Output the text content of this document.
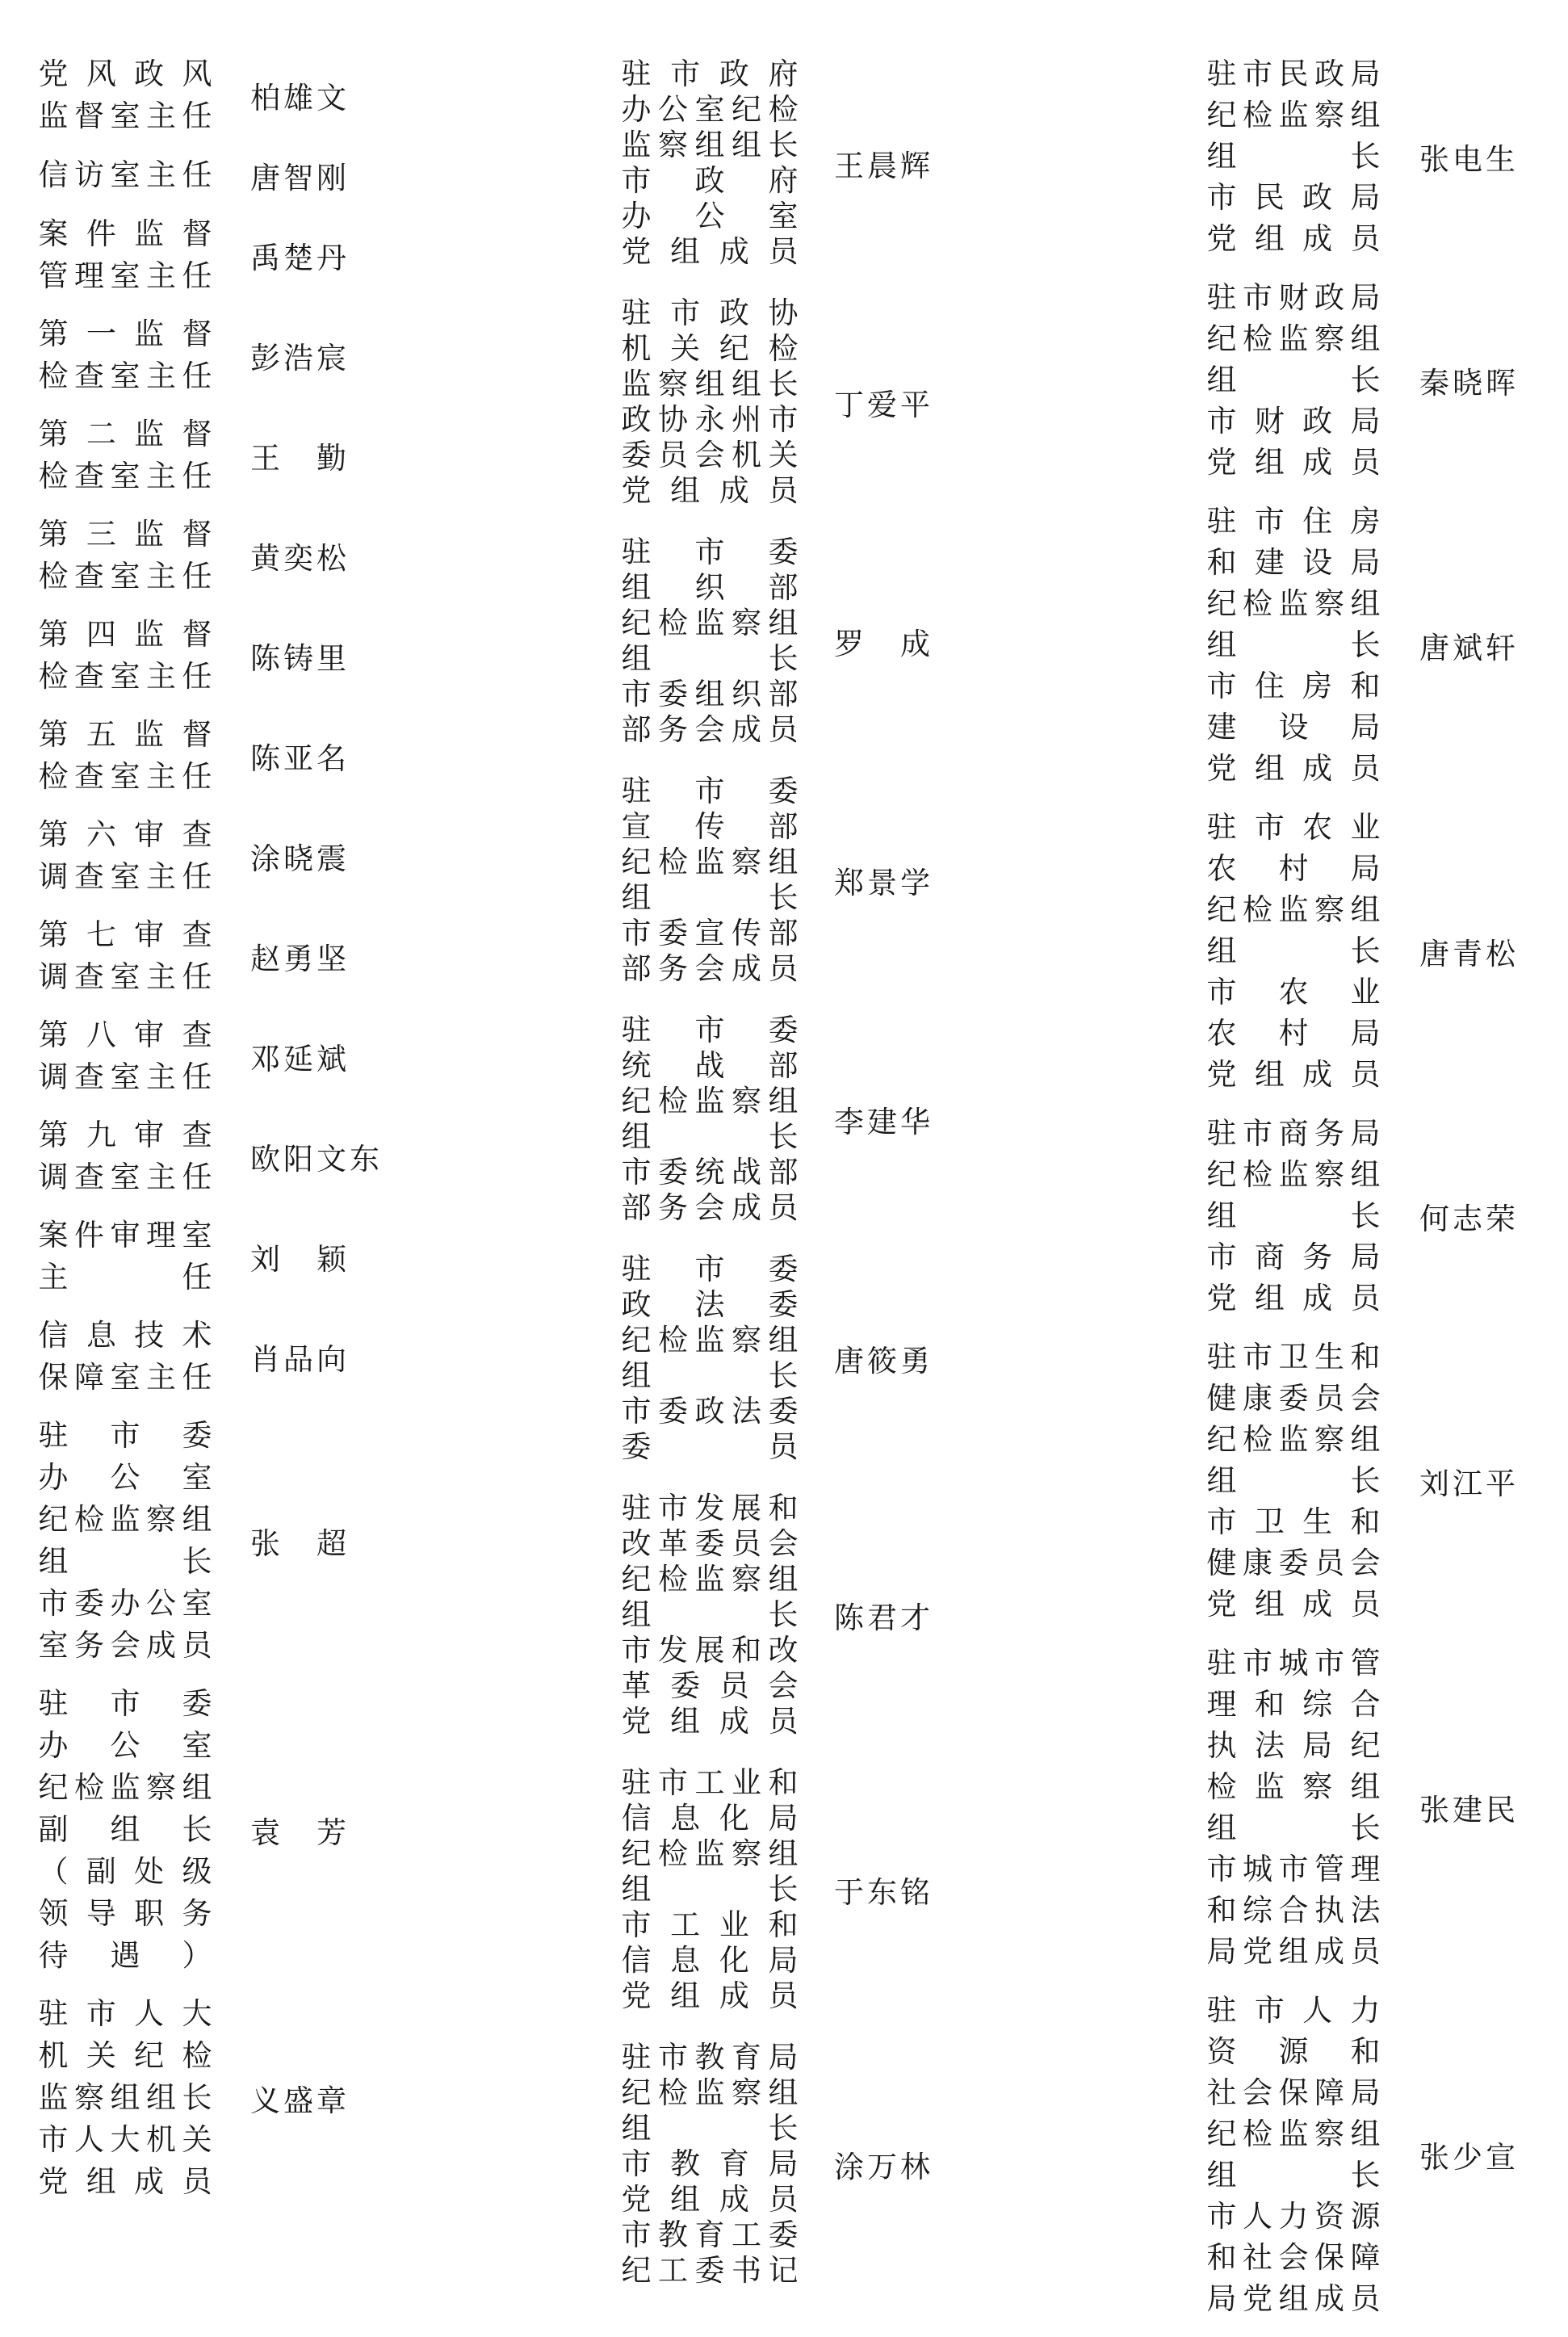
党 风 政 风
监 督 室 主 任
柏雄文
信 访 室 主 任 唐智刚
案 件 监 督
管 理 室 主 任
禹楚丹
第 一 监 督
检 查 室 主 任
彭浩宸
第 二 监 督
检 查 室 主 任
王　勤
第 三 监 督
检 查 室 主 任
黄奕松
第 四 监 督
检 查 室 主 任
陈铸里
第 五 监 督
检 查 室 主 任
陈亚名
第 六 审 查
调 查 室 主 任
涂晓震
第 七 审 查
调 查 室 主 任
赵勇坚
第 八 审 查
调 查 室 主 任
邓延斌
第 九 审 查
调 查 室 主 任
欧阳文东
案 件 审 理 室
主	任
刘　颖
信 息 技 术
保 障 室 主 任
肖品向
驻 市 委
办 公 室
纪 检 监 察 组
组	长
市 委 办 公 室
室 务 会 成 员
张　超
驻 市 委
办 公 室
纪 检 监 察 组
副 组 长
（ 副 处 级
领 导 职 务
待 遇 ）
袁　芳
驻 市 人 大
机 关 纪 检
监 察 组 组 长
市 人 大 机 关
党 组 成 员
义盛章
驻 市 政 府
办 公 室 纪 检
监 察 组 组 长
市 政 府
办 公 室
党 组 成 员
王晨辉
驻 市 政 协
机 关 纪 检
监 察 组 组 长
政 协 永 州 市
委 员 会 机 关
党 组 成 员
丁爱平
驻 市 委
组 织 部
纪 检 监 察 组
组	长
市 委 组 织 部
部 务 会 成 员
罗　成
驻 市 委
宣 传 部
纪 检 监 察 组
组	长
市 委 宣 传 部
部 务 会 成 员
郑景学
驻 市 委
统 战 部
纪 检 监 察 组
组	长
市 委 统 战 部
部 务 会 成 员
李建华
驻 市 委
政 法 委
纪 检 监 察 组
组	长
市 委 政 法 委
委	员
唐筱勇
驻 市 发 展 和
改 革 委 员 会
纪 检 监 察 组
组	长
市 发 展 和 改
革 委 员 会
党 组 成 员
陈君才
驻 市 工 业 和
信 息 化 局
纪 检 监 察 组
组	长
市 工 业 和
信 息 化 局
党 组 成 员
于东铭
驻 市 教 育 局
纪 检 监 察 组
组	长
市 教 育 局
党 组 成 员
市 教 育 工 委
纪 工 委 书 记
涂万林
驻 市 民 政 局
纪 检 监 察 组
组	长
市 民 政 局
党 组 成 员
张电生
驻 市 财 政 局
纪 检 监 察 组
组	长
市 财 政 局
党 组 成 员
秦晓晖
驻 市 住 房
和 建 设 局
纪 检 监 察 组
组	长
市 住 房 和
建 设 局
党 组 成 员
唐斌轩
驻 市 农 业
农 村 局
纪 检 监 察 组
组	长
市 农 业
农 村 局
党 组 成 员
唐青松
驻 市 商 务 局
纪 检 监 察 组
组	长
市 商 务 局
党 组 成 员
何志荣
驻 市 卫 生 和
健 康 委 员 会
纪 检 监 察 组
组	长
市 卫 生 和
健 康 委 员 会
党 组 成 员
刘江平
驻 市 城 市 管
理 和 综 合
执 法 局 纪
检 监 察 组
组	长
市 城 市 管 理
和 综 合 执 法
局 党 组 成 员
张建民
驻 市 人 力
资 源 和
社 会 保 障 局
纪 检 监 察 组
组	长
市 人 力 资 源
和 社 会 保 障
局 党 组 成 员
张少宣
